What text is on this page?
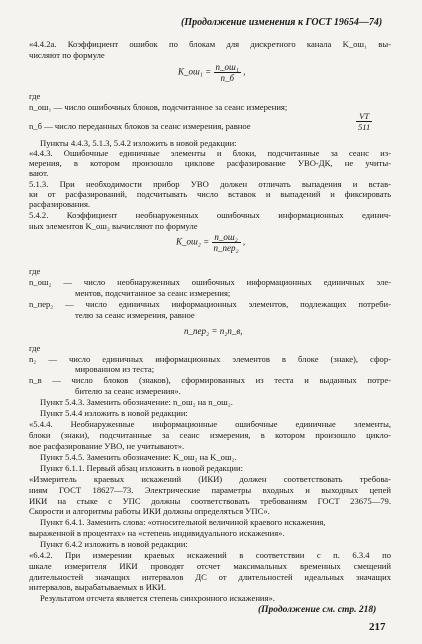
(Продолжение изменения к ГОСТ 19654—74)
«4.4.2а. Коэффициент ошибок по блокам для дискретного канала K_ош₁ вы-
числяют по формуле
K_ош₁ = $\frac{\text{n\_ош₁}}{n\_б}$ ,
где
n_ош₁ — число ошибочных блоков, подсчитанное за сеанс измерения;
n_б — число переданных блоков за сеанс измерения, равное	$\frac{VT}{511}$
Пункты 4.4.3, 5.1.3, 5.4.2 изложить в новой редакции:
«4.4.3. Ошибочные единичные элементы и блоки, подсчитанные за сеанс из-
мерения, в котором произошло циклове расфазирование УВО-ДК, не учиты-
вают.
5.1.3. При необходимости прибор УВО должен отличать выпадения и встав-
ки от расфазирований, подсчитывать число вставок и выпадений и фиксировать
расфазирования.
5.4.2. Коэффициент необнаруженных ошибочных информационных единич-
ных элементов K_ош₂ вычисляют по формуле
K_ош₂ = $\frac{\text{n\_ош₂}}{\text{n\_пер₂}}$ ,
где
n_ош₂ — число необнаруженных ошибочных информационных единичных эле-
ментов, подсчитанное за сеанс измерения;
n_пер₂ — число единичных информационных элементов, подлежащих потреби-
телю за сеанс измерения, равное
n_пер₂ = n₂n_в,
где
n₂ — число единичных информационных элементов в блоке (знаке), сфор-
мированном из теста;
n_в — число блоков (знаков), сформированных из теста и выданных потре-
бителю за сеанс измерения».
Пункт 5.4.3. Заменить обозначение: n_ош₂ на n_ош₂.
Пункт 5.4.4 изложить в новой редакции:
«5.4.4. Необнаруженные информационные ошибочные единичные элементы,
блоки (знаки), подсчитанные за сеанс измерения, в котором произошло цикло-
вое расфазирование УВО, не учитывают».
Пункт 5.4.5. Заменить обозначение: K_ош₂ на K_ош₂.
Пункт 6.1.1. Первый абзац изложить в новой редакции:
«Измеритель краевых искажений (ИКИ) должен соответствовать требова-
ниям ГОСТ 18627—73. Электрические параметры входных и выходных цепей
ИКИ на стыке с УПС должны соответствовать требованиям ГОСТ 23675—79.
Скорости и алгоритмы работы ИКИ должны определяться УПС».
Пункт 6.4.1. Заменить слова: «относительной величиной краевого искажения,
выраженной в процентах» на «степень индивидуального искажения».
Пункт 6.4.2 изложить в новой редакции:
«6.4.2. При измерении краевых искажений в соответствии с п. 6.3.4 по
шкале измерителя ИКИ проводят отсчет максимальных временных смещений
длительностей значащих интервалов ДС от длительностей идеальных значащих
интервалов, вырабатываемых в ИКИ.
Результатом отсчета является степень синхронного искажения».
(Продолжение см. стр. 218)
217
